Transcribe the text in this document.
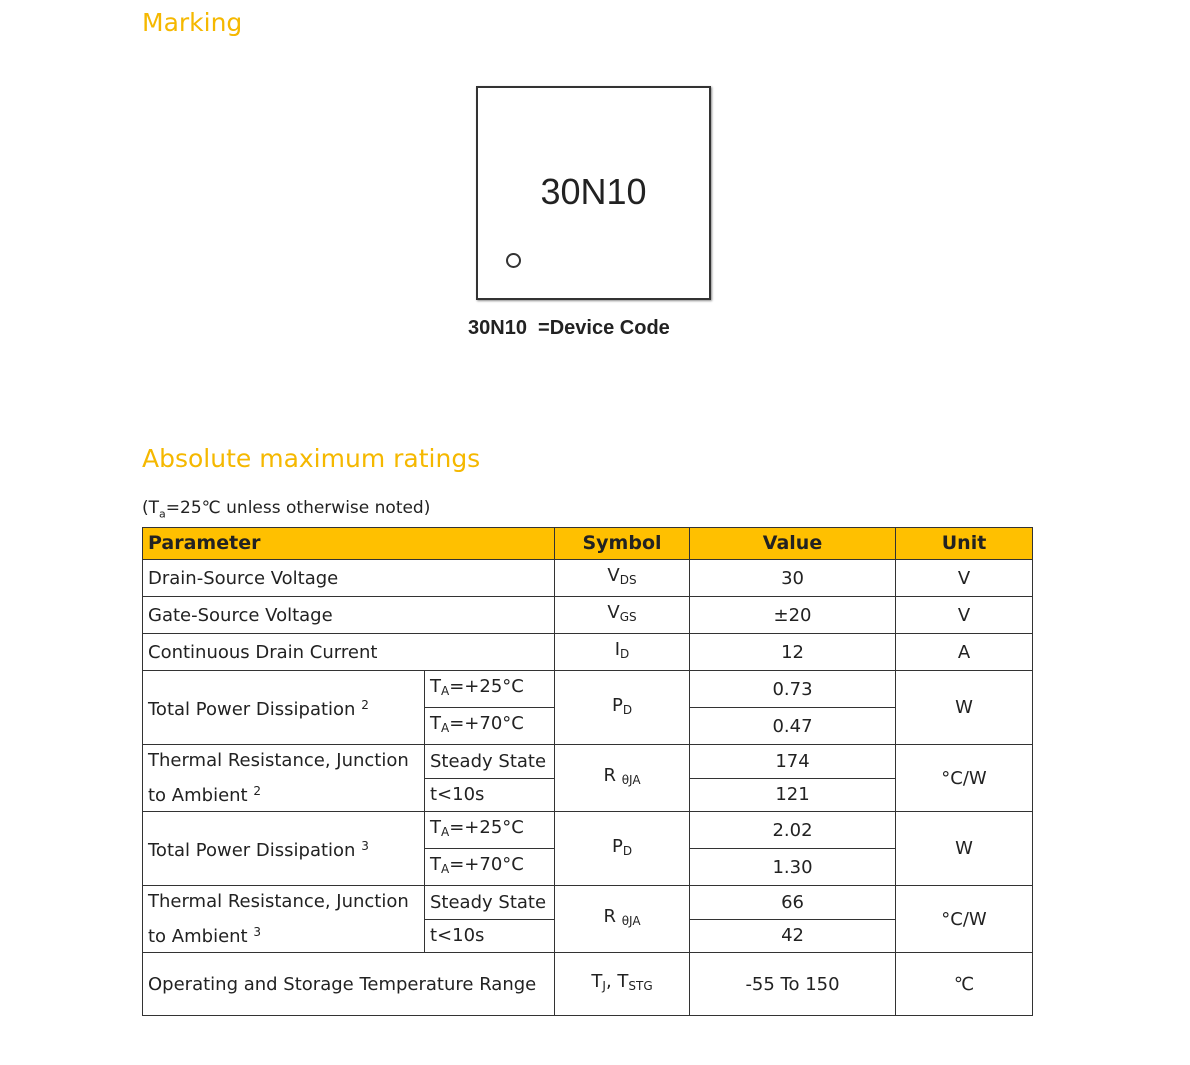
Marking
30N10
30N10  =Device Code
Absolute maximum ratings
($T_a=25℃$ unless otherwise noted)
Parameter		Symbol	Value	Unit
Drain-Source Voltage		$V_{DS}$	30	V
Gate-Source Voltage		$V_{GS}$	±20	V
Continuous Drain Current		$I_D$	12	A
Total Power Dissipation $^2$	$T_A=+25^\circ C$	$P_D$	0.73	W
	$T_A=+70^\circ C$		0.47	
Thermal Resistance, Junction to Ambient $^2$	Steady State	R $_{\theta JA}$	174	°C/W
	t<10s		121	
Total Power Dissipation $^3$	$T_A=+25^\circ C$	$P_D$	2.02	W
	$T_A=+70^\circ C$		1.30	
Thermal Resistance, Junction to Ambient $^3$	Steady State	R $_{\theta JA}$	66	°C/W
	t<10s		42	
Operating and Storage Temperature Range		$T_J$, $T_{STG}$	-55 To 150	℃
